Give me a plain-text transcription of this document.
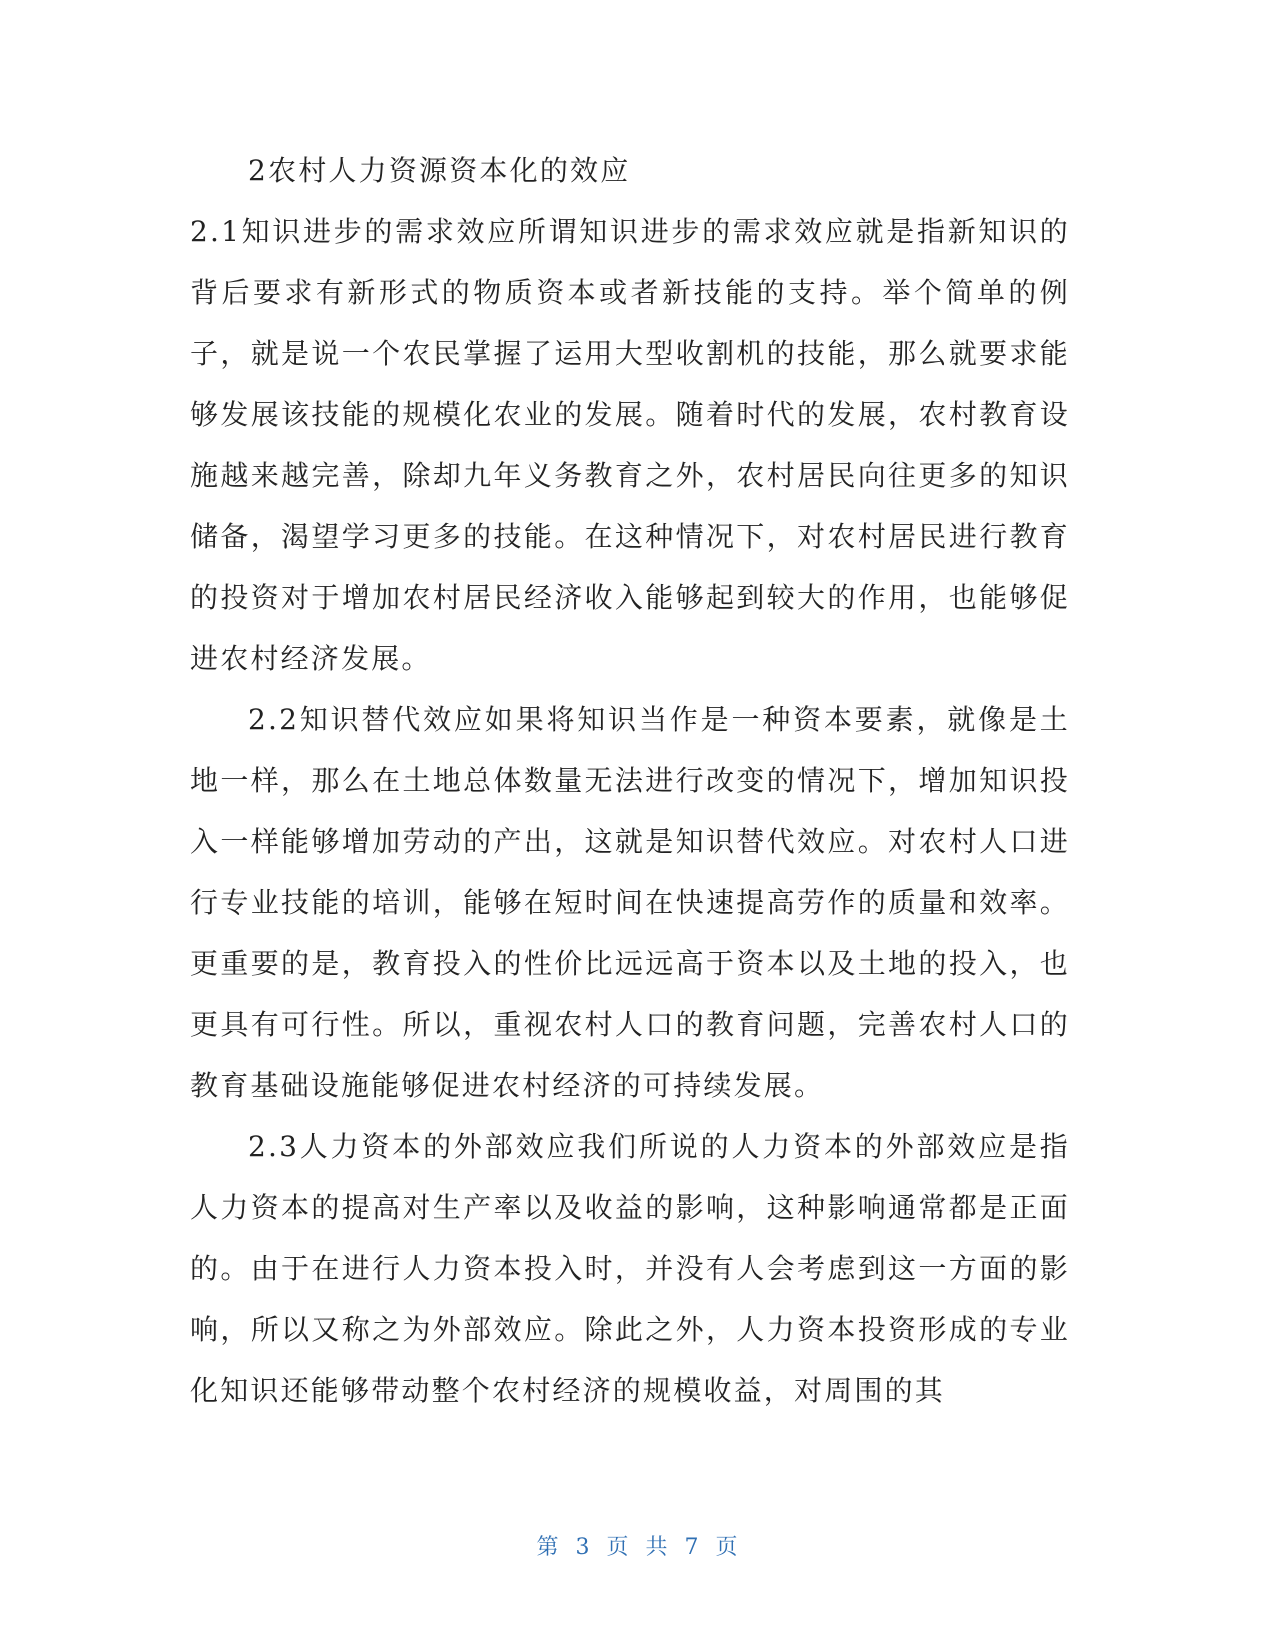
2农村人力资源资本化的效应

2.1知识进步的需求效应所谓知识进步的需求效应就是指新知识的背后要求有新形式的物质资本或者新技能的支持。举个简单的例子，就是说一个农民掌握了运用大型收割机的技能，那么就要求能够发展该技能的规模化农业的发展。随着时代的发展，农村教育设施越来越完善，除却九年义务教育之外，农村居民向往更多的知识储备，渴望学习更多的技能。在这种情况下，对农村居民进行教育的投资对于增加农村居民经济收入能够起到较大的作用，也能够促进农村经济发展。

2.2知识替代效应如果将知识当作是一种资本要素，就像是土地一样，那么在土地总体数量无法进行改变的情况下，增加知识投入一样能够增加劳动的产出，这就是知识替代效应。对农村人口进行专业技能的培训，能够在短时间在快速提高劳作的质量和效率。更重要的是，教育投入的性价比远远高于资本以及土地的投入，也更具有可行性。所以，重视农村人口的教育问题，完善农村人口的教育基础设施能够促进农村经济的可持续发展。

2.3人力资本的外部效应我们所说的人力资本的外部效应是指人力资本的提高对生产率以及收益的影响，这种影响通常都是正面的。由于在进行人力资本投入时，并没有人会考虑到这一方面的影响，所以又称之为外部效应。除此之外，人力资本投资形成的专业化知识还能够带动整个农村经济的规模收益，对周围的其

第 3 页 共 7 页
